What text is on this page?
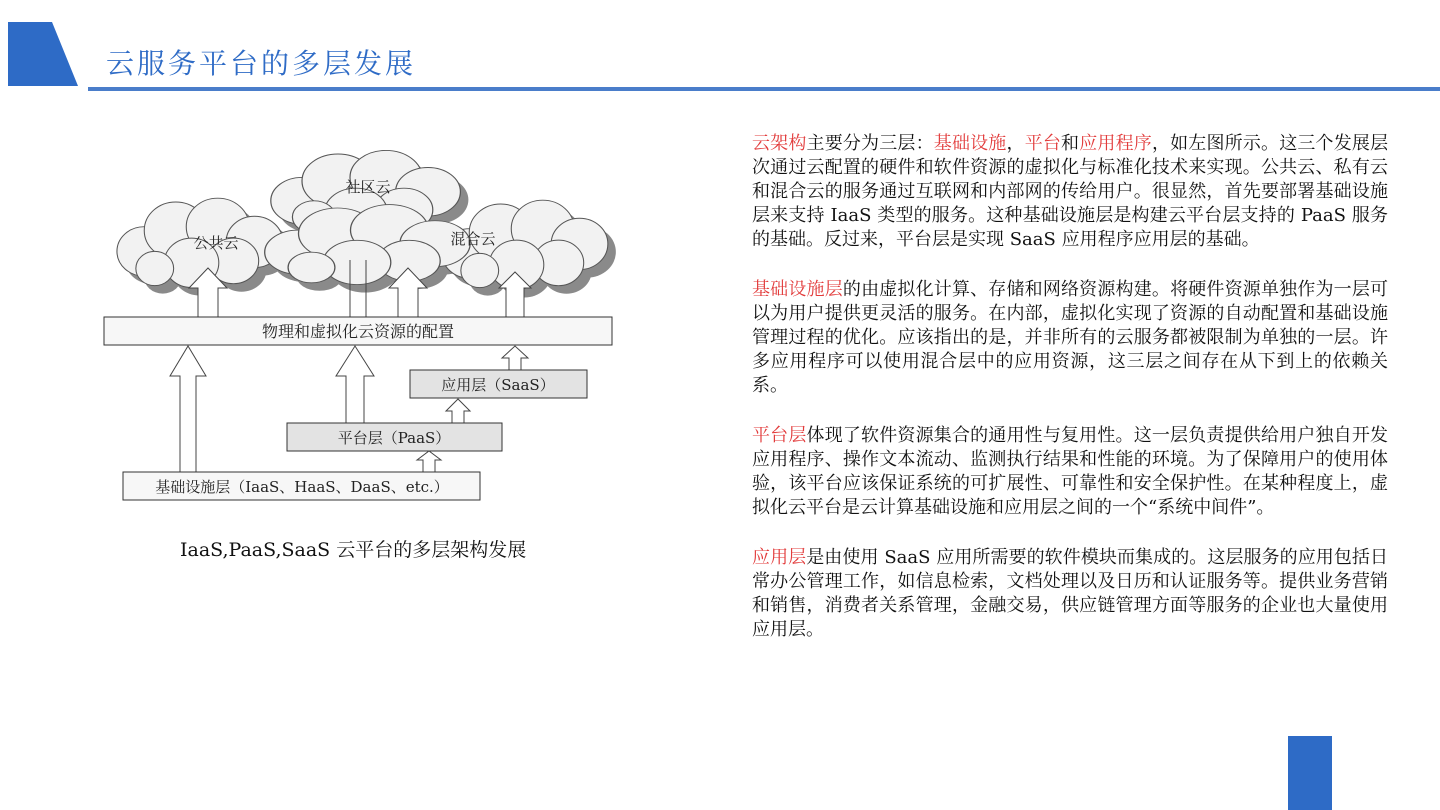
云服务平台的多层发展
社区云
公共云	混合云
物理和虚拟化云资源的配置
应用层（SaaS）
平台层（PaaS）
基础设施层（IaaS、HaaS、DaaS、etc.）
IaaS,PaaS,SaaS 云平台的多层架构发展

云架构主要分为三层：基础设施，平台和应用程序，如左图所示。这三个发展层次通过云配置的硬件和软件资源的虚拟化与标准化技术来实现。公共云、私有云和混合云的服务通过互联网和内部网的传给用户。很显然，首先要部署基础设施层来支持 IaaS 类型的服务。这种基础设施层是构建云平台层支持的 PaaS 服务的基础。反过来，平台层是实现 SaaS 应用程序应用层的基础。

基础设施层的由虚拟化计算、存储和网络资源构建。将硬件资源单独作为一层可以为用户提供更灵活的服务。在内部，虚拟化实现了资源的自动配置和基础设施管理过程的优化。应该指出的是，并非所有的云服务都被限制为单独的一层。许多应用程序可以使用混合层中的应用资源，这三层之间存在从下到上的依赖关系。

平台层体现了软件资源集合的通用性与复用性。这一层负责提供给用户独自开发应用程序、操作文本流动、监测执行结果和性能的环境。为了保障用户的使用体验，该平台应该保证系统的可扩展性、可靠性和安全保护性。在某种程度上，虚拟化云平台是云计算基础设施和应用层之间的一个“系统中间件”。

应用层是由使用 SaaS 应用所需要的软件模块而集成的。这层服务的应用包括日常办公管理工作，如信息检索，文档处理以及日历和认证服务等。提供业务营销和销售，消费者关系管理，金融交易，供应链管理方面等服务的企业也大量使用应用层。
